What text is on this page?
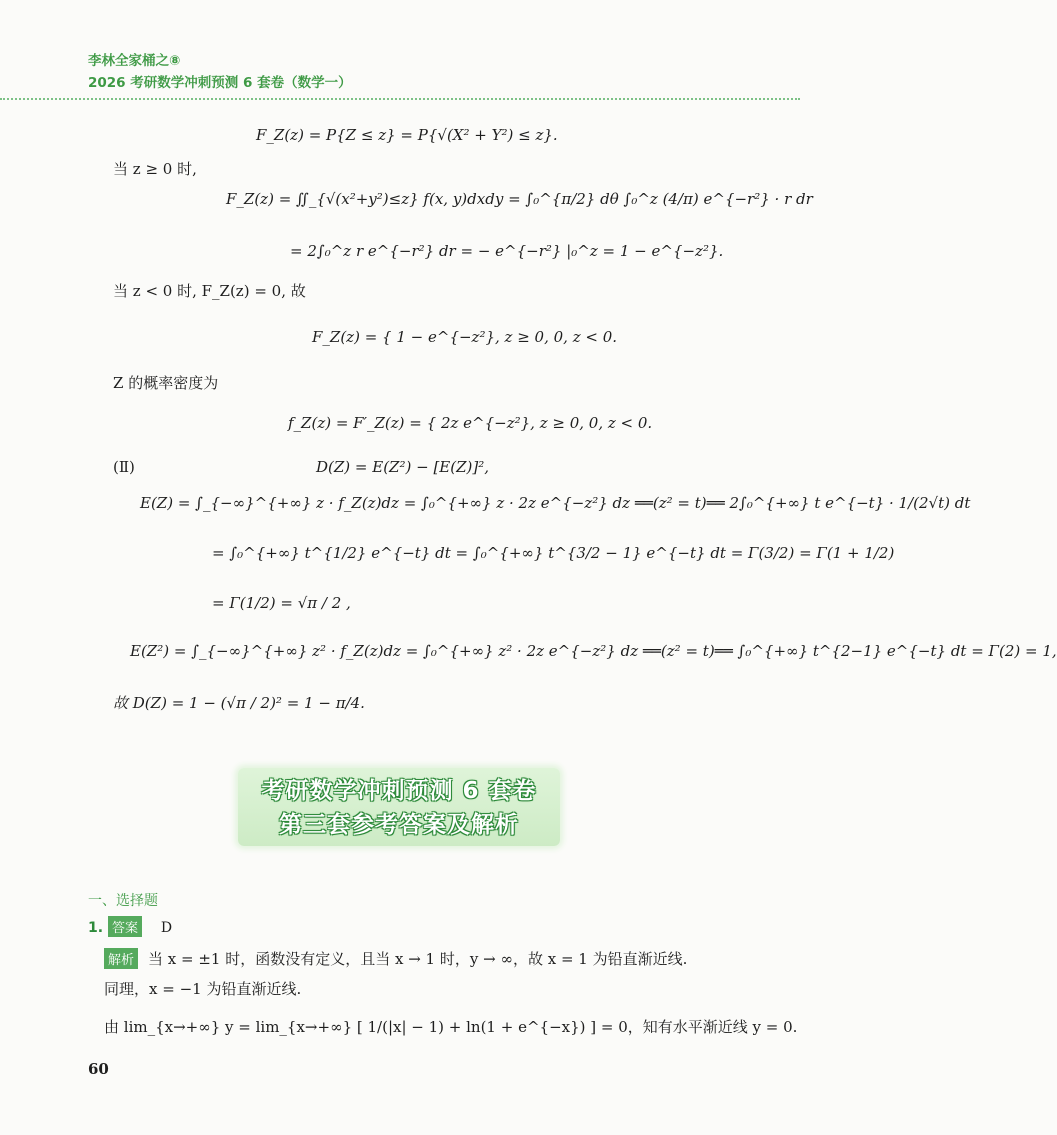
李林全家桶之⑧
2026 考研数学冲刺预测 6 套卷（数学一）
F_Z(z) = P{Z ≤ z} = P{√(X² + Y²) ≤ z}.
当 z ≥ 0 时,
F_Z(z) = ∬_{√(x²+y²)≤z} f(x, y)dxdy = ∫₀^{π/2} dθ ∫₀^z (4/π) e^{−r²} · r dr
= 2∫₀^z r e^{−r²} dr = − e^{−r²} |₀^z = 1 − e^{−z²}.
当 z < 0 时, F_Z(z) = 0, 故
F_Z(z) = { 1 − e^{−z²}, z ≥ 0, 0, z < 0.
Z 的概率密度为
f_Z(z) = F′_Z(z) = { 2z e^{−z²}, z ≥ 0, 0, z < 0.
(Ⅱ)	D(Z) = E(Z²) − [E(Z)]²,
E(Z) = ∫_{−∞}^{+∞} z · f_Z(z)dz = ∫₀^{+∞} z · 2z e^{−z²} dz ══(z² = t)══ 2∫₀^{+∞} t e^{−t} · 1/(2√t) dt
= ∫₀^{+∞} t^{1/2} e^{−t} dt = ∫₀^{+∞} t^{3/2 − 1} e^{−t} dt = Γ(3/2) = Γ(1 + 1/2)
= Γ(1/2) = √π / 2 ,
E(Z²) = ∫_{−∞}^{+∞} z² · f_Z(z)dz = ∫₀^{+∞} z² · 2z e^{−z²} dz ══(z² = t)══ ∫₀^{+∞} t^{2−1} e^{−t} dt = Γ(2) = 1,
故 D(Z) = 1 − (√π / 2)² = 1 − π/4.
考研数学冲刺预测 6 套卷
第三套参考答案及解析
一、选择题
1. 答案 D
解析 当 x = ±1 时，函数没有定义，且当 x → 1 时，y → ∞，故 x = 1 为铅直渐近线.
同理，x = −1 为铅直渐近线.
由 lim_{x→+∞} y = lim_{x→+∞} [ 1/(|x| − 1) + ln(1 + e^{−x}) ] = 0，知有水平渐近线 y = 0.
60
